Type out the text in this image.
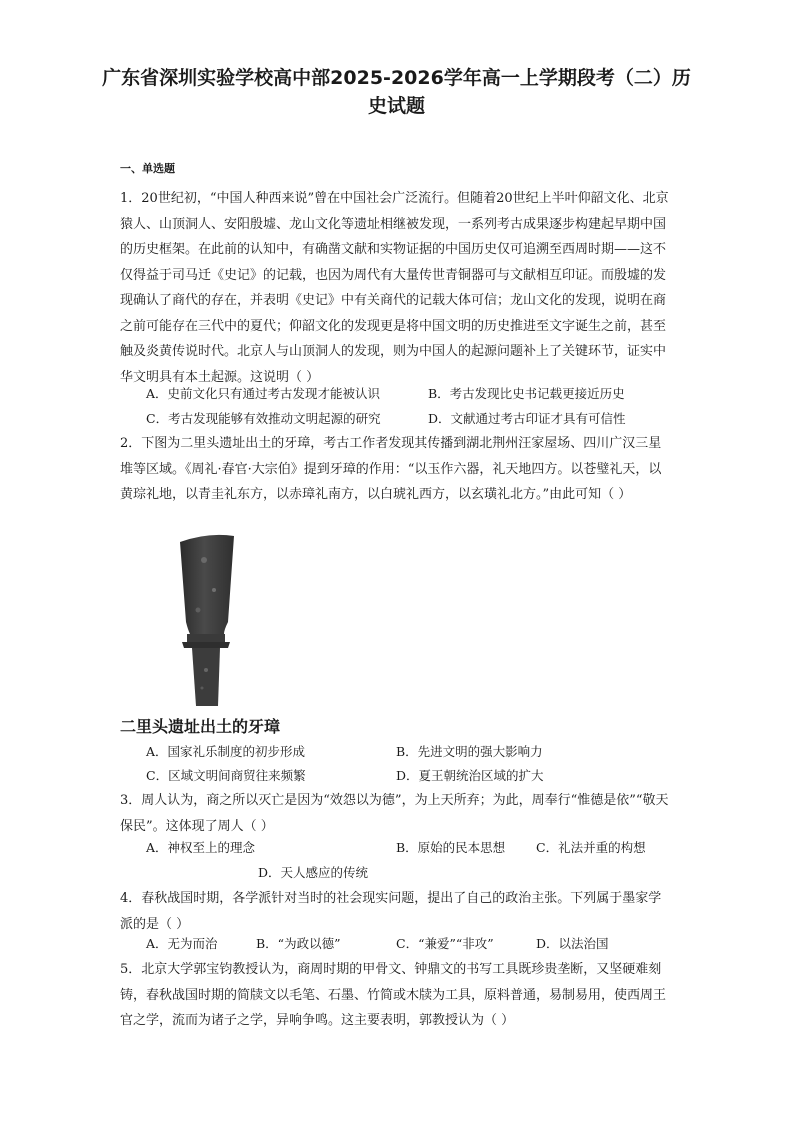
广东省深圳实验学校高中部2025-2026学年高一上学期段考（二）历史试题
一、单选题
1．20世纪初，“中国人种西来说”曾在中国社会广泛流行。但随着20世纪上半叶仰韶文化、北京猿人、山顶洞人、安阳殷墟、龙山文化等遗址相继被发现，一系列考古成果逐步构建起早期中国的历史框架。在此前的认知中，有确凿文献和实物证据的中国历史仅可追溯至西周时期——这不仅得益于司马迁《史记》的记载，也因为周代有大量传世青铜器可与文献相互印证。而殷墟的发现确认了商代的存在，并表明《史记》中有关商代的记载大体可信；龙山文化的发现，说明在商之前可能存在三代中的夏代；仰韶文化的发现更是将中国文明的历史推进至文字诞生之前，甚至触及炎黄传说时代。北京人与山顶洞人的发现，则为中国人的起源问题补上了关键环节，证实中华文明具有本土起源。这说明（ ）
A．史前文化只有通过考古发现才能被认识	B．考古发现比史书记载更接近历史
C．考古发现能够有效推动文明起源的研究	D．文献通过考古印证才具有可信性
2．下图为二里头遗址出土的牙璋，考古工作者发现其传播到湖北荆州汪家屋场、四川广汉三星堆等区域。《周礼·春官·大宗伯》提到牙璋的作用：“以玉作六器，礼天地四方。以苍璧礼天，以黄琮礼地，以青圭礼东方，以赤璋礼南方，以白琥礼西方，以玄璜礼北方。”由此可知（ ）
二里头遗址出土的牙璋
A．国家礼乐制度的初步形成	B．先进文明的强大影响力
C．区域文明间商贸往来频繁	D．夏王朝统治区域的扩大
3．周人认为，商之所以灭亡是因为“效怨以为德”，为上天所弃；为此，周奉行“惟德是依”“敬天保民”。这体现了周人（ ）
A．神权至上的理念	B．原始的民本思想 C．礼法并重的构想
D．天人感应的传统
4．春秋战国时期，各学派针对当时的社会现实问题，提出了自己的政治主张。下列属于墨家学派的是（ ）
A．无为而治	B．“为政以德”	C．“兼爱”“非攻”	D．以法治国
5．北京大学郭宝钧教授认为，商周时期的甲骨文、钟鼎文的书写工具既珍贵垄断，又坚硬难刻铸，春秋战国时期的简牍文以毛笔、石墨、竹简或木牍为工具，原料普通，易制易用，使西周王官之学，流而为诸子之学，异响争鸣。这主要表明，郭教授认为（ ）
